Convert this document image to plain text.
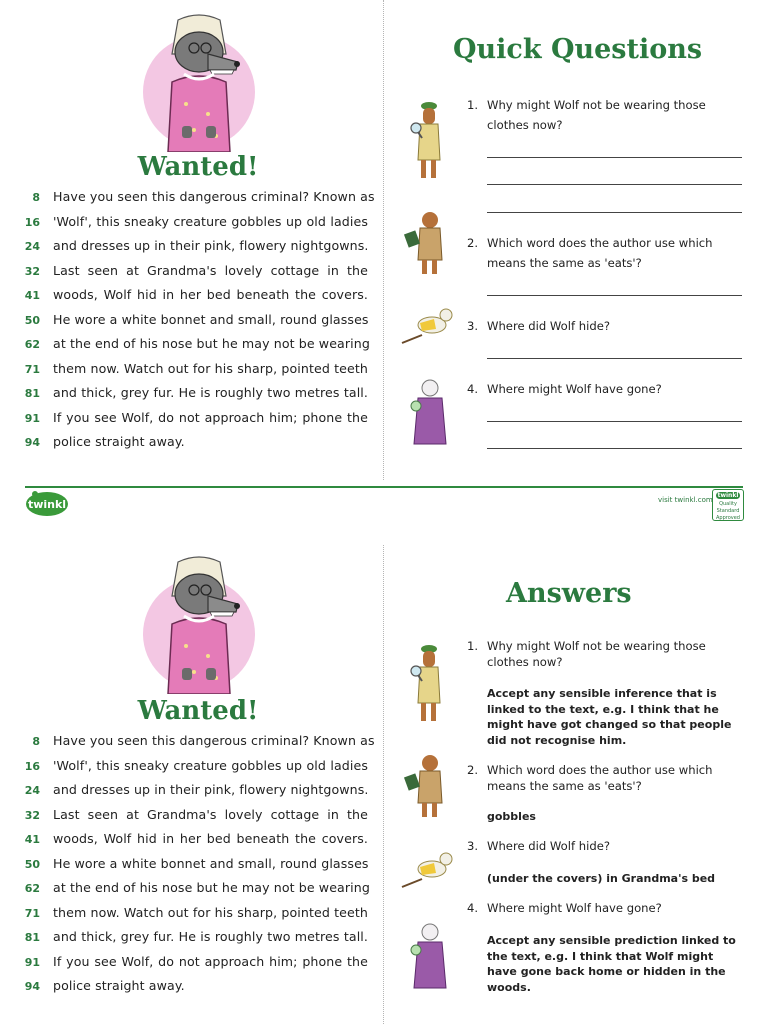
Wanted!
8 Have you seen this dangerous criminal? Known as
16 'Wolf', this sneaky creature gobbles up old ladies
24 and dresses up in their pink, flowery nightgowns.
32 Last seen at Grandma's lovely cottage in the
41 woods, Wolf hid in her bed beneath the covers.
50 He wore a white bonnet and small, round glasses
62 at the end of his nose but he may not be wearing
71 them now. Watch out for his sharp, pointed teeth
81 and thick, grey fur. He is roughly two metres tall.
91 If you see Wolf, do not approach him; phone the
94 police straight away.
Quick Questions
1. Why might Wolf not be wearing those clothes now?
2. Which word does the author use which means the same as 'eats'?
3. Where did Wolf hide?
4. Where might Wolf have gone?
twinkl	visit twinkl.com
twinkl
Quality Standard Approved
Wanted!
8 Have you seen this dangerous criminal? Known as
16 'Wolf', this sneaky creature gobbles up old ladies
24 and dresses up in their pink, flowery nightgowns.
32 Last seen at Grandma's lovely cottage in the
41 woods, Wolf hid in her bed beneath the covers.
50 He wore a white bonnet and small, round glasses
62 at the end of his nose but he may not be wearing
71 them now. Watch out for his sharp, pointed teeth
81 and thick, grey fur. He is roughly two metres tall.
91 If you see Wolf, do not approach him; phone the
94 police straight away.
Answers
1. Why might Wolf not be wearing those clothes now?
Accept any sensible inference that is linked to the text, e.g. I think that he might have got changed so that people did not recognise him.
2. Which word does the author use which means the same as 'eats'?
gobbles
3. Where did Wolf hide?
(under the covers) in Grandma's bed
4. Where might Wolf have gone?
Accept any sensible prediction linked to the text, e.g. I think that Wolf might have gone back home or hidden in the woods.
